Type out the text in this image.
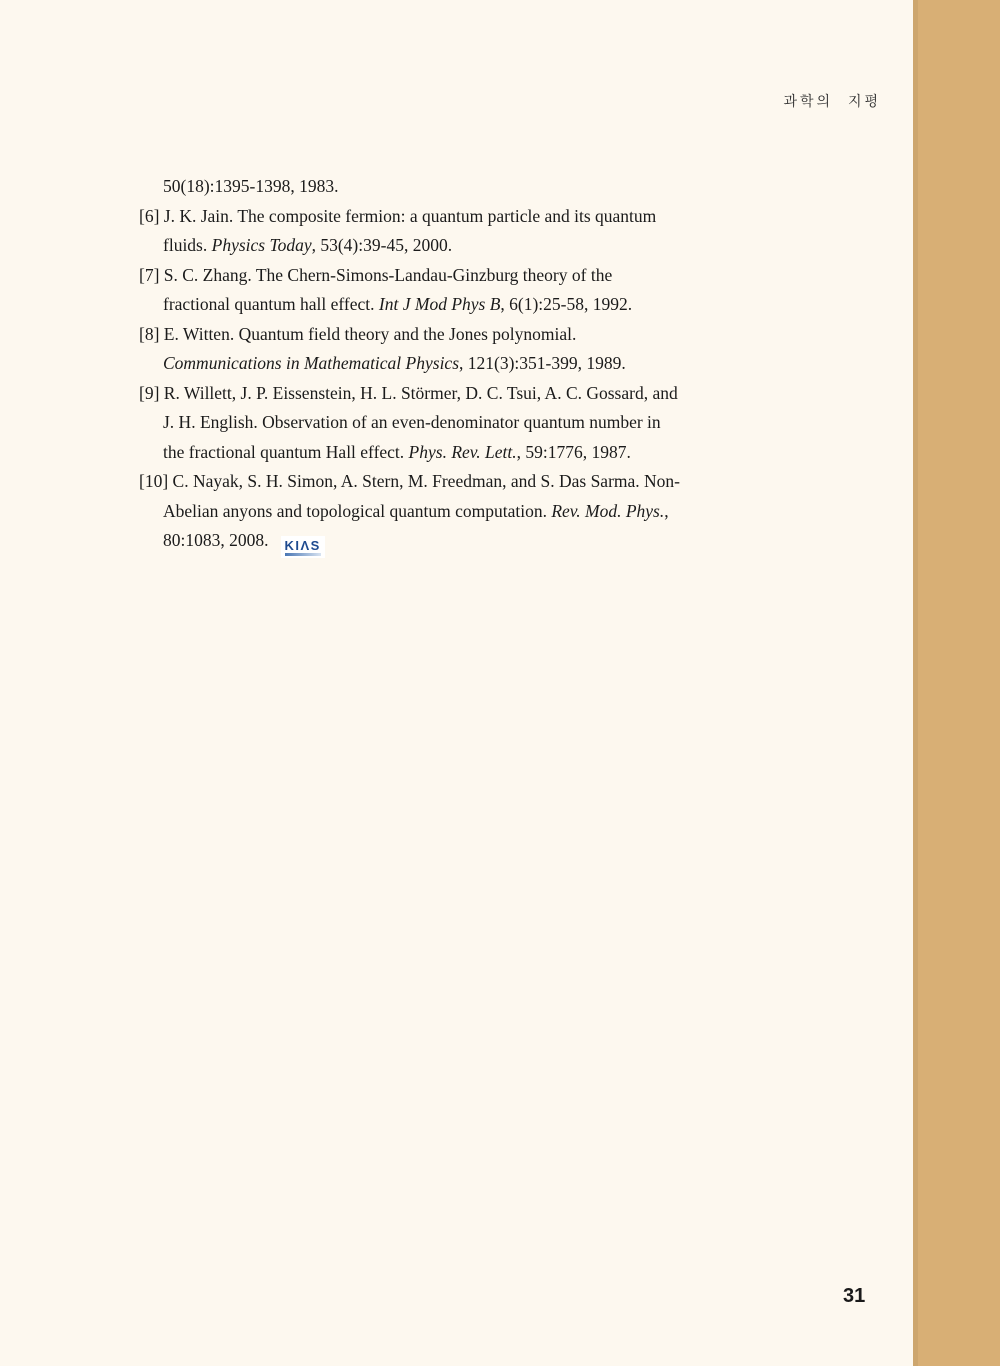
과학의 지평
50(18):1395-1398, 1983.
[6] J. K. Jain. The composite fermion: a quantum particle and its quantum
fluids. Physics Today, 53(4):39-45, 2000.
[7] S. C. Zhang. The Chern-Simons-Landau-Ginzburg theory of the
fractional quantum hall effect. Int J Mod Phys B, 6(1):25-58, 1992.
[8] E. Witten. Quantum field theory and the Jones polynomial.
Communications in Mathematical Physics, 121(3):351-399, 1989.
[9] R. Willett, J. P. Eissenstein, H. L. Störmer, D. C. Tsui, A. C. Gossard, and
J. H. English. Observation of an even-denominator quantum number in
the fractional quantum Hall effect. Phys. Rev. Lett., 59:1776, 1987.
[10] C. Nayak, S. H. Simon, A. Stern, M. Freedman, and S. Das Sarma. Non-
Abelian anyons and topological quantum computation. Rev. Mod. Phys.,
80:1083, 2008. KIΛS
31
